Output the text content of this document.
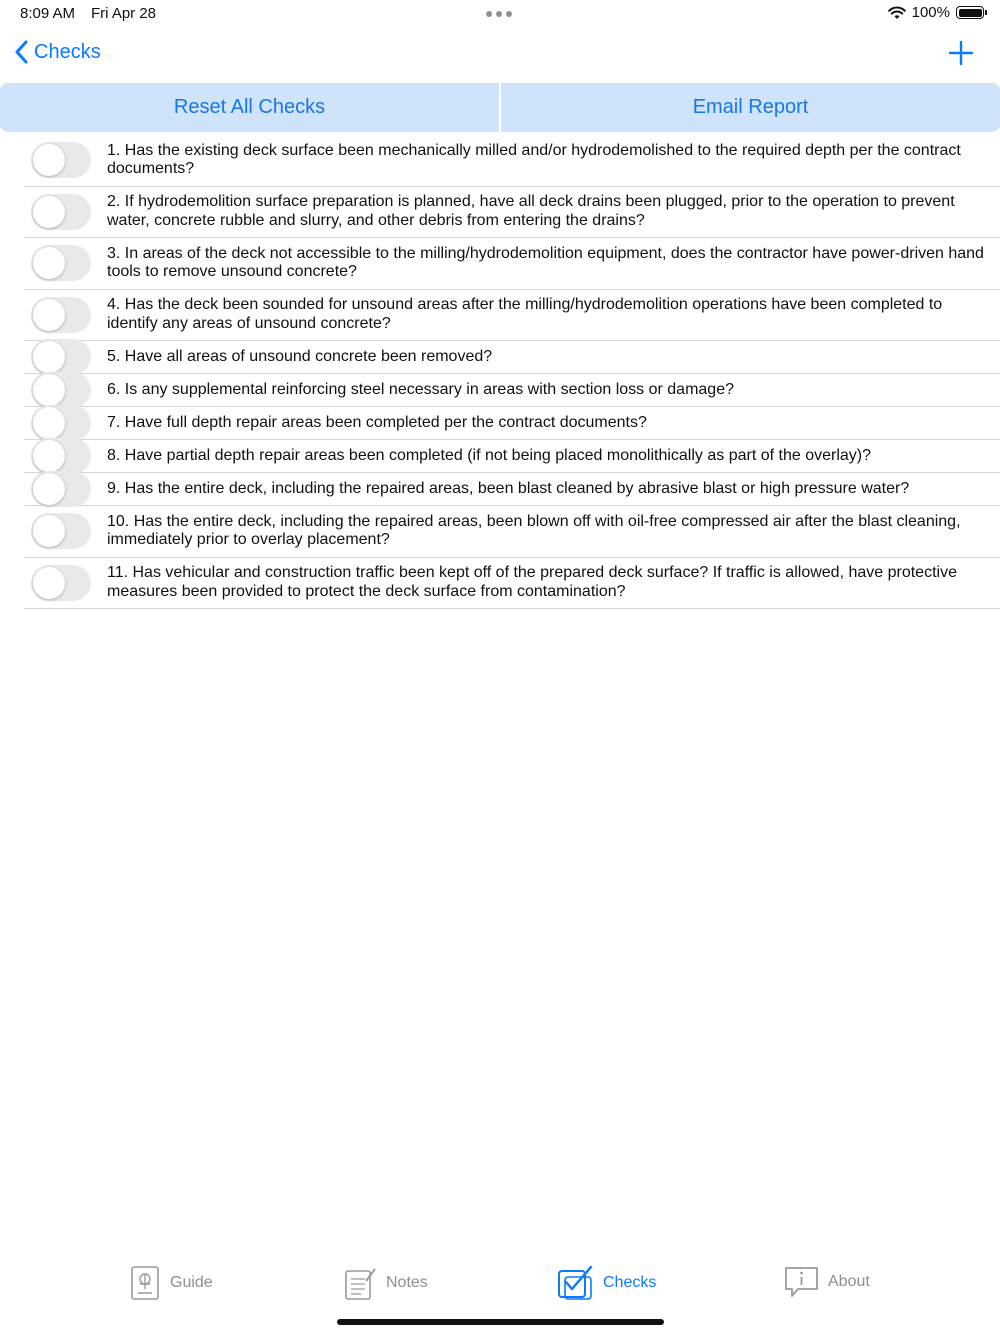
8:09 AM Fri Apr 28	100%
Checks
Reset All Checks	Email Report
1. Has the existing deck surface been mechanically milled and/or hydrodemolished to the required depth per the contract documents?
2. If hydrodemolition surface preparation is planned, have all deck drains been plugged, prior to the operation to prevent water, concrete rubble and slurry, and other debris from entering the drains?
3. In areas of the deck not accessible to the milling/hydrodemolition equipment, does the contractor have power-driven hand tools to remove unsound concrete?
4. Has the deck been sounded for unsound areas after the milling/hydrodemolition operations have been completed to identify any areas of unsound concrete?
5. Have all areas of unsound concrete been removed?
6. Is any supplemental reinforcing steel necessary in areas with section loss or damage?
7. Have full depth repair areas been completed per the contract documents?
8. Have partial depth repair areas been completed (if not being placed monolithically as part of the overlay)?
9. Has the entire deck, including the repaired areas, been blast cleaned by abrasive blast or high pressure water?
10. Has the entire deck, including the repaired areas, been blown off with oil-free compressed air after the blast cleaning, immediately prior to overlay placement?
11. Has vehicular and construction traffic been kept off of the prepared deck surface? If traffic is allowed, have protective measures been provided to protect the deck surface from contamination?
Guide	Notes	Checks	About
